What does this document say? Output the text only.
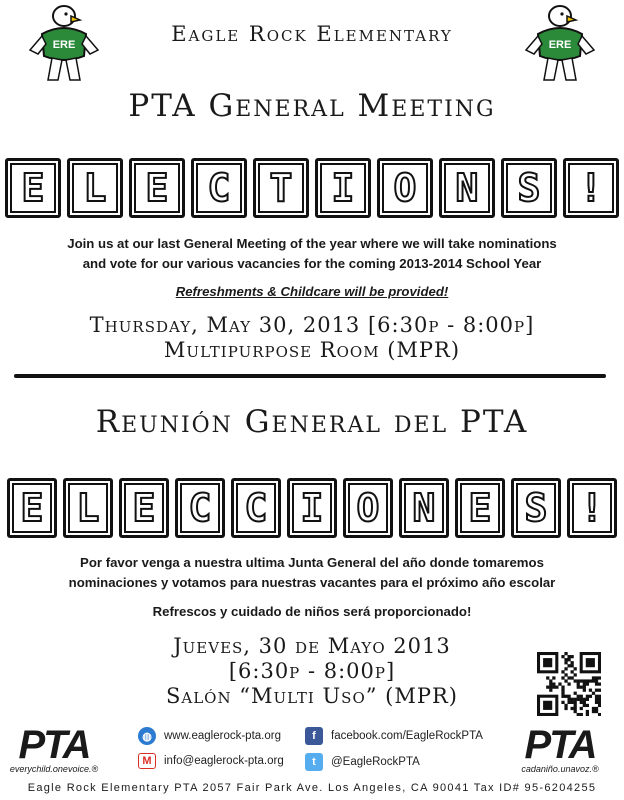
ERE	ERE
Eagle Rock Elementary
PTA General Meeting
E	L	E	C	T	I	O	N	S	!
Join us at our last General Meeting of the year where we will take nominations
and vote for our various vacancies for the coming 2013-2014 School Year
Refreshments & Childcare will be provided!
Thursday, May 30, 2013 [6:30p - 8:00p]
Multipurpose Room (MPR)
Reunión General del PTA
E L E C C I O N E S !
Por favor venga a nuestra ultima Junta General del año donde tomaremos
nominaciones y votamos para nuestras vacantes para el próximo año escolar
Refrescos y cuidado de niños será proporcionado!
Jueves, 30 de Mayo 2013
[6:30p - 8:00p]
Salón “Multi Uso” (MPR)
PTA
everychild.onevoice.®
PTA
cadaniño.unavoz.®
◍	www.eaglerock-pta.org	f	facebook.com/EagleRockPTA
M	info@eaglerock-pta.org	t	@EagleRockPTA
Eagle Rock Elementary PTA 2057 Fair Park Ave. Los Angeles, CA 90041 Tax ID# 95-6204255
